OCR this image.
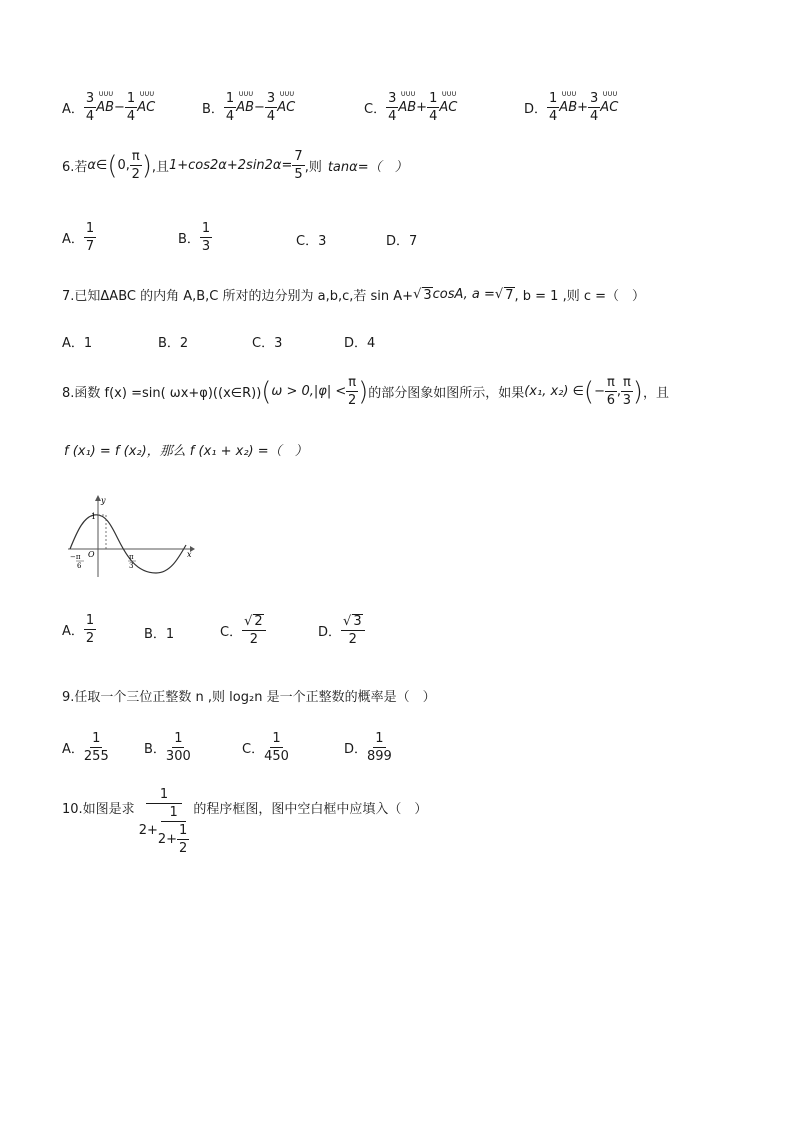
A． $\frac{3}{4}$ ∪∪∪ AB − $\frac{1}{4}$ ∪∪∪ AC	B． $\frac{1}{4}$ ∪∪∪ AB − $\frac{3}{4}$ ∪∪∪ AC	C． $\frac{3}{4}$ ∪∪∪ AB + $\frac{1}{4}$ ∪∪∪ AC	D． $\frac{1}{4}$ ∪∪∪ AB + $\frac{3}{4}$ ∪∪∪ AC
6.若 α∈ ( 0, $\frac{\pi}{2}$ ) ,且 $1+\cos 2\alpha+2\sin 2\alpha= \frac{7}{5}$ ,则 tanα=（　）
A． $\frac{1}{7}$	B． $\frac{1}{3}$	C．3	D．7
7.已知ΔABC 的内角 A,B,C 所对的边分别为 a,b,c,若 sin A+ √ 3 cosA, a = √ 7 , b = 1 ,则 c =（　）
A．1	B．2	C．3	D．4
8.函数 f(x) =sin( ωx+φ)((x∈R)) ( $\omega > 0,|\varphi| < \frac{\pi}{2}$ ) 的部分图象如图所示，如果 (x₁, x₂) ∈ ( − $\frac{\pi}{6}$ , $\frac{\pi}{3}$ ) ，且
f (x₁) = f (x₂)，那么 f (x₁ + x₂) =（　）
y
x
O
1
−π
6
π
3
A． $\frac{1}{2}$	B．1	C． $\frac{√ 2}{2}$	D． $\frac{√ 3}{2}$
9.任取一个三位正整数 n ,则 log₂n 是一个正整数的概率是（　）
A． $\frac{1}{255}$	B． $\frac{1}{300}$	C． $\frac{1}{450}$	D． $\frac{1}{899}$
10.如图是求 $\frac{1}{2+ \frac{1}{2+ \frac{1}{2}}}$ 的程序框图，图中空白框中应填入（　）
